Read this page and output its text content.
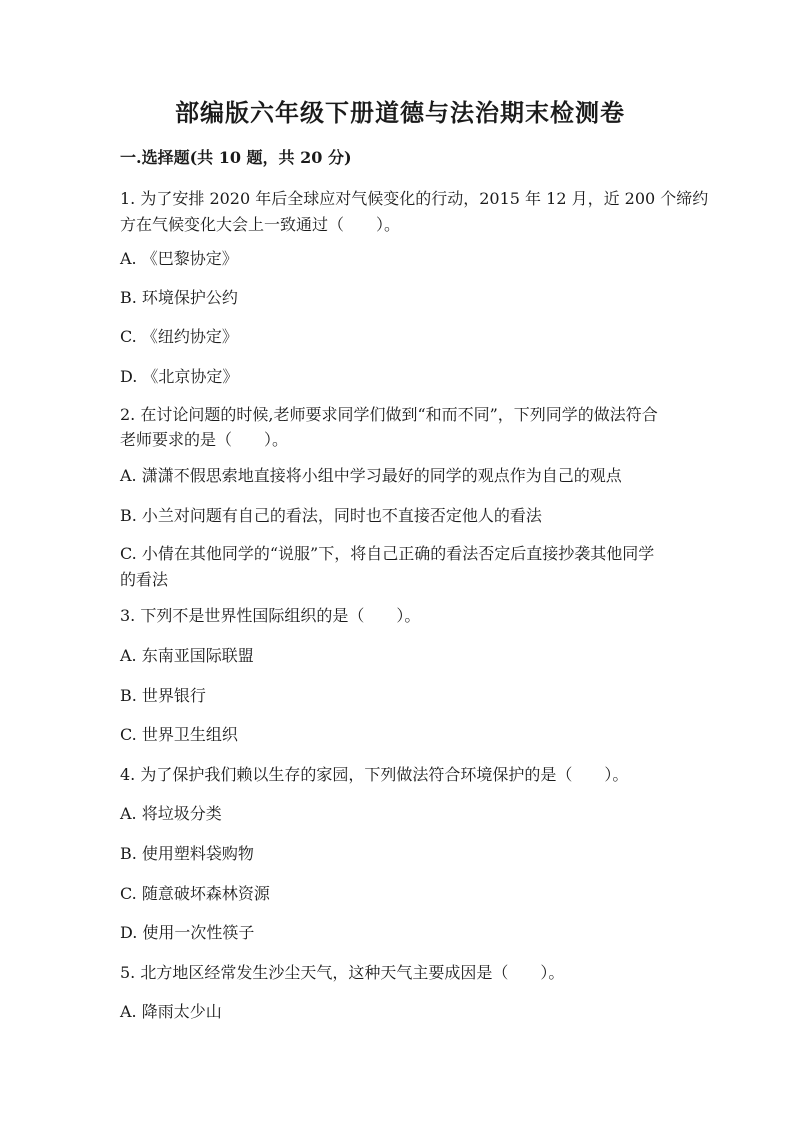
部编版六年级下册道德与法治期末检测卷
一.选择题(共 10 题，共 20 分)
1. 为了安排 2020 年后全球应对气候变化的行动，2015 年 12 月，近 200 个缔约
方在气候变化大会上一致通过（　　）。
A. 《巴黎协定》
B. 环境保护公约
C. 《纽约协定》
D. 《北京协定》
2. 在讨论问题的时候,老师要求同学们做到“和而不同”，下列同学的做法符合
老师要求的是（　　）。
A. 潇潇不假思索地直接将小组中学习最好的同学的观点作为自己的观点
B. 小兰对问题有自己的看法，同时也不直接否定他人的看法
C. 小倩在其他同学的“说服”下，将自己正确的看法否定后直接抄袭其他同学
的看法
3. 下列不是世界性国际组织的是（　　）。
A. 东南亚国际联盟
B. 世界银行
C. 世界卫生组织
4. 为了保护我们赖以生存的家园，下列做法符合环境保护的是（　　）。
A. 将垃圾分类
B. 使用塑料袋购物
C. 随意破坏森林资源
D. 使用一次性筷子
5. 北方地区经常发生沙尘天气，这种天气主要成因是（　　）。
A. 降雨太少山
